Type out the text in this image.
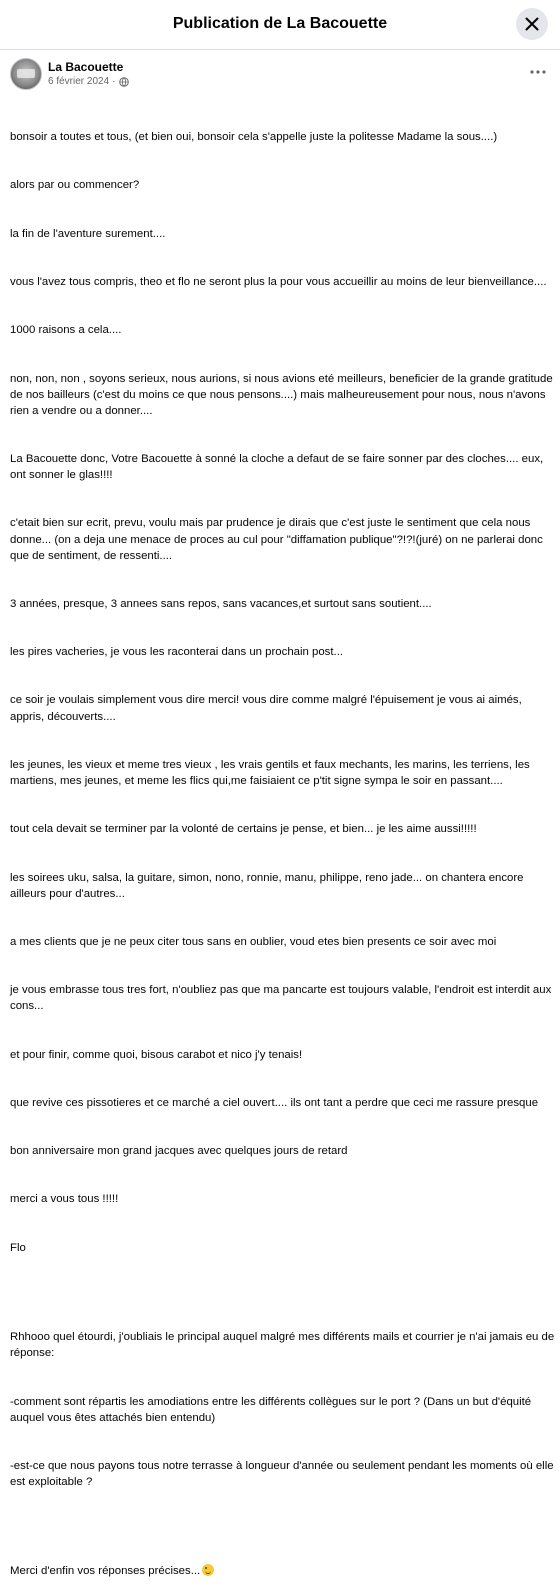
Publication de La Bacouette
La Bacouette
6 février 2024 ·

bonsoir a toutes et tous, (et bien oui, bonsoir cela s'appelle juste la politesse Madame la sous....)

alors par ou commencer?

la fin de l'aventure surement....

vous l'avez tous compris, theo et flo ne seront plus la pour vous accueillir au moins de leur bienveillance....

1000 raisons a cela....

non, non, non , soyons serieux, nous aurions, si nous avions eté meilleurs, beneficier de la grande gratitude de nos bailleurs (c'est du moins ce que nous pensons....) mais malheureusement pour nous, nous n'avons rien a vendre ou a donner....

La Bacouette donc, Votre Bacouette à sonné la cloche a defaut de se faire sonner par des cloches.... eux, ont sonner le glas!!!!

c'etait bien sur ecrit, prevu, voulu mais par prudence je dirais que c'est juste le sentiment que cela nous donne... (on a deja une menace de proces au cul pour "diffamation publique"?!?!(juré) on ne parlerai donc que de sentiment, de ressenti....

3 années, presque, 3 annees sans repos, sans vacances,et surtout sans soutient....

les pires vacheries, je vous les raconterai dans un prochain post...

ce soir je voulais simplement vous dire merci! vous dire comme malgré l'épuisement je vous ai aimés, appris, découverts....

les jeunes, les vieux et meme tres vieux , les vrais gentils et faux mechants, les marins, les terriens, les martiens, mes jeunes, et meme les flics qui,me faisiaient ce p'tit signe sympa le soir en passant....

tout cela devait se terminer par la volonté de certains je pense, et bien... je les aime aussi!!!!!

les soirees uku, salsa, la guitare, simon, nono, ronnie, manu, philippe, reno jade... on chantera encore ailleurs pour d'autres...

a mes clients que je ne peux citer tous sans en oublier, voud etes bien presents ce soir avec moi

je vous embrasse tous tres fort, n'oubliez pas que ma pancarte est toujours valable, l'endroit est interdit aux cons...

et pour finir, comme quoi, bisous carabot et nico j'y tenais!

que revive ces pissotieres et ce marché a ciel ouvert.... ils ont tant a perdre que ceci me rassure presque

bon anniversaire mon grand jacques avec quelques jours de retard

merci a vous tous !!!!!

Flo

Rhhooo quel étourdi, j'oubliais le principal auquel malgré mes différents mails et courrier je n'ai jamais eu de réponse:

-comment sont répartis les amodiations entre les différents collègues sur le port ? (Dans un but d'équité auquel vous êtes attachés bien entendu)

-est-ce que nous payons tous notre terrasse à longueur d'année ou seulement pendant les moments où elle est exploitable ?

Merci d'enfin vos réponses précises...
